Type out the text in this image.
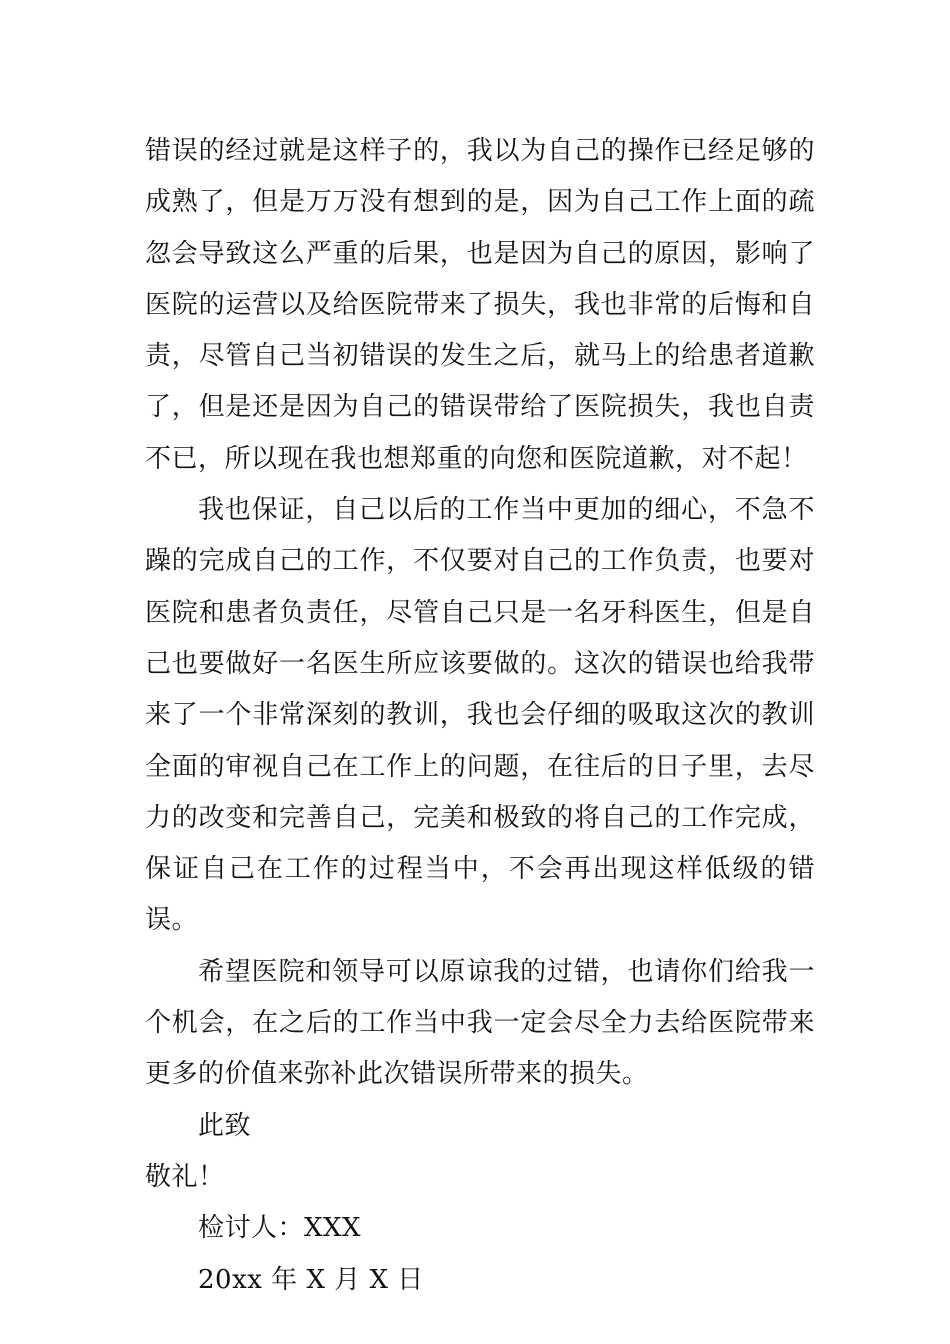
错误的经过就是这样子的，我以为自己的操作已经足够的成熟了，但是万万没有想到的是，因为自己工作上面的疏忽会导致这么严重的后果，也是因为自己的原因，影响了医院的运营以及给医院带来了损失，我也非常的后悔和自责，尽管自己当初错误的发生之后，就马上的给患者道歉了，但是还是因为自己的错误带给了医院损失，我也自责不已，所以现在我也想郑重的向您和医院道歉，对不起！

我也保证，自己以后的工作当中更加的细心，不急不躁的完成自己的工作，不仅要对自己的工作负责，也要对医院和患者负责任，尽管自己只是一名牙科医生，但是自己也要做好一名医生所应该要做的。这次的错误也给我带来了一个非常深刻的教训，我也会仔细的吸取这次的教训全面的审视自己在工作上的问题，在往后的日子里，去尽力的改变和完善自己，完美和极致的将自己的工作完成，保证自己在工作的过程当中，不会再出现这样低级的错误。

希望医院和领导可以原谅我的过错，也请你们给我一个机会，在之后的工作当中我一定会尽全力去给医院带来更多的价值来弥补此次错误所带来的损失。

此致

敬礼！

检讨人：XXX

20xx 年 X 月 X 日
